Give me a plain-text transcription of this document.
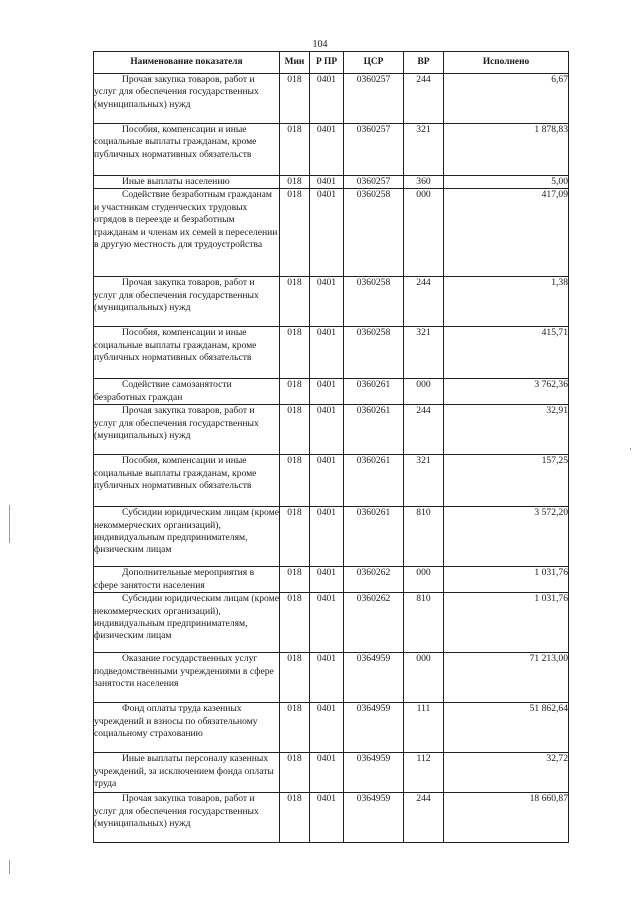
104
Наименование показателя	Мин	Р ПР	ЦСР	ВР	Исполнено

Прочая закупка товаров, работ и услуг для обеспечения государственных (муниципальных) нужд	018	0401	0360257	244	6,67

Пособия, компенсации и иные социальные выплаты гражданам, кроме публичных нормативных обязательств	018	0401	0360257	321	1 878,83

Иные выплаты населению	018	0401	0360257	360	5,00

Содействие безработным гражданам и участникам студенческих трудовых отрядов в переезде и безработным гражданам и членам их семей в переселении в другую местность для трудоустройства	018	0401	0360258	000	417,09

Прочая закупка товаров, работ и услуг для обеспечения государственных (муниципальных) нужд	018	0401	0360258	244	1,38

Пособия, компенсации и иные социальные выплаты гражданам, кроме публичных нормативных обязательств	018	0401	0360258	321	415,71

Содействие самозанятости безработных граждан	018	0401	0360261	000	3 762,36

Прочая закупка товаров, работ и услуг для обеспечения государственных (муниципальных) нужд	018	0401	0360261	244	32,91

Пособия, компенсации и иные социальные выплаты гражданам, кроме публичных нормативных обязательств	018	0401	0360261	321	157,25

Субсидии юридическим лицам (кроме некоммерческих организаций), индивидуальным предпринимателям, физическим лицам	018	0401	0360261	810	3 572,20

Дополнительные мероприятия в сфере занятости населения	018	0401	0360262	000	1 031,76

Субсидии юридическим лицам (кроме некоммерческих организаций), индивидуальным предпринимателям, физическим лицам	018	0401	0360262	810	1 031,76

Оказание государственных услуг подведомственными учреждениями в сфере занятости населения	018	0401	0364959	000	71 213,00

Фонд оплаты труда казенных учреждений и взносы по обязательному социальному страхованию	018	0401	0364959	111	51 862,64

Иные выплаты персоналу казенных учреждений, за исключением фонда оплаты труда	018	0401	0364959	112	32,72

Прочая закупка товаров, работ и услуг для обеспечения государственных (муниципальных) нужд	018	0401	0364959	244	18 660,87
